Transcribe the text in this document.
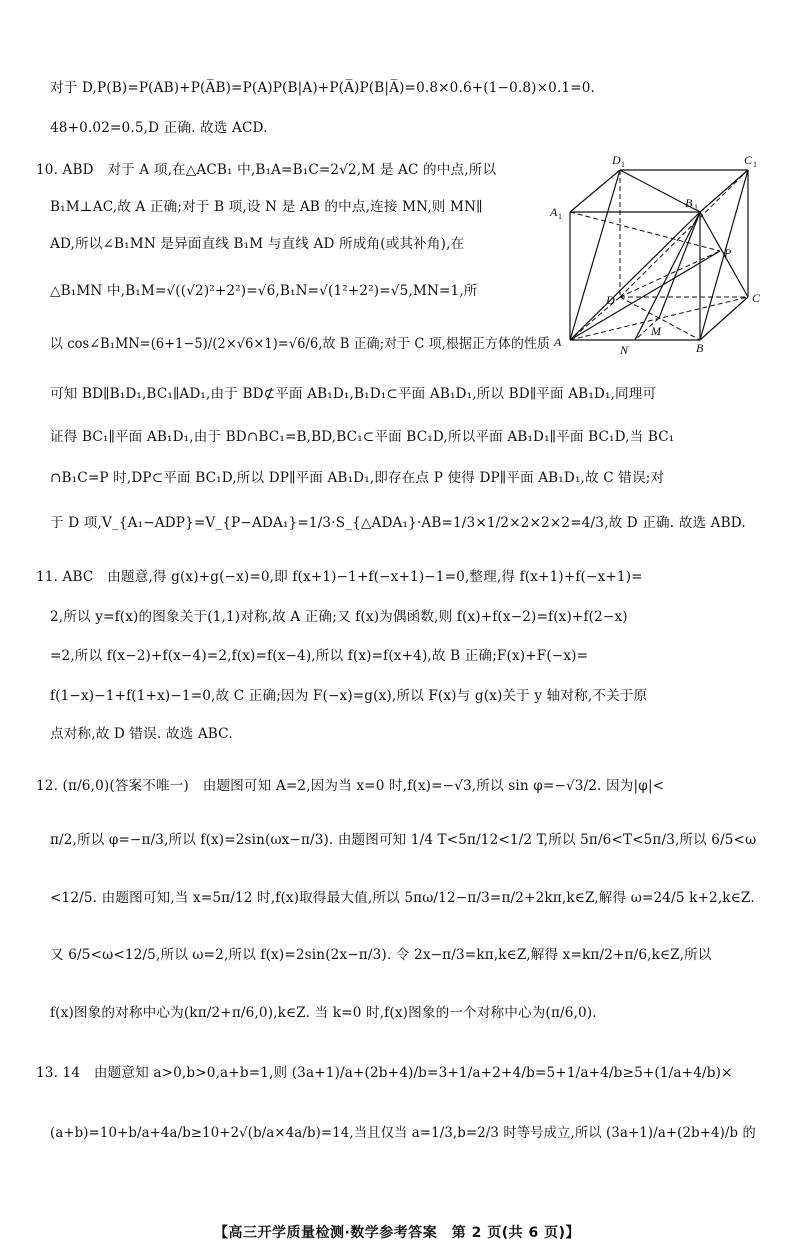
对于 D,P(B)=P(AB)+P(A̅B)=P(A)P(B|A)+P(A̅)P(B|A̅)=0.8×0.6+(1−0.8)×0.1=0.
48+0.02=0.5,D 正确. 故选 ACD.
10. ABD　对于 A 项,在△ACB₁ 中,B₁A=B₁C=2√2,M 是 AC 的中点,所以
B₁M⊥AC,故 A 正确;对于 B 项,设 N 是 AB 的中点,连接 MN,则 MN∥
AD,所以∠B₁MN 是异面直线 B₁M 与直线 AD 所成角(或其补角),在
△B₁MN 中,B₁M=√((√2)²+2²)=√6,B₁N=√(1²+2²)=√5,MN=1,所
以 cos∠B₁MN=(6+1−5)/(2×√6×1)=√6/6,故 B 正确;对于 C 项,根据正方体的性质
可知 BD∥B₁D₁,BC₁∥AD₁,由于 BD⊄平面 AB₁D₁,B₁D₁⊂平面 AB₁D₁,所以 BD∥平面 AB₁D₁,同理可
证得 BC₁∥平面 AB₁D₁,由于 BD∩BC₁=B,BD,BC₁⊂平面 BC₁D,所以平面 AB₁D₁∥平面 BC₁D,当 BC₁
∩B₁C=P 时,DP⊂平面 BC₁D,所以 DP∥平面 AB₁D₁,即存在点 P 使得 DP∥平面 AB₁D₁,故 C 错误;对
于 D 项,V_{A₁−ADP}=V_{P−ADA₁}=1/3·S_{△ADA₁}·AB=1/3×1/2×2×2×2=4/3,故 D 正确. 故选 ABD.
11. ABC　由题意,得 g(x)+g(−x)=0,即 f(x+1)−1+f(−x+1)−1=0,整理,得 f(x+1)+f(−x+1)=
2,所以 y=f(x)的图象关于(1,1)对称,故 A 正确;又 f(x)为偶函数,则 f(x)+f(x−2)=f(x)+f(2−x)
=2,所以 f(x−2)+f(x−4)=2,f(x)=f(x−4),所以 f(x)=f(x+4),故 B 正确;F(x)+F(−x)=
f(1−x)−1+f(1+x)−1=0,故 C 正确;因为 F(−x)=g(x),所以 F(x)与 g(x)关于 y 轴对称,不关于原
点对称,故 D 错误. 故选 ABC.
12. (π/6,0)(答案不唯一)　由题图可知 A=2,因为当 x=0 时,f(x)=−√3,所以 sin φ=−√3/2. 因为|φ|<
π/2,所以 φ=−π/3,所以 f(x)=2sin(ωx−π/3). 由题图可知 1/4 T<5π/12<1/2 T,所以 5π/6<T<5π/3,所以 6/5<ω
<12/5. 由题图可知,当 x=5π/12 时,f(x)取得最大值,所以 5πω/12−π/3=π/2+2kπ,k∈Z,解得 ω=24/5 k+2,k∈Z.
又 6/5<ω<12/5,所以 ω=2,所以 f(x)=2sin(2x−π/3). 令 2x−π/3=kπ,k∈Z,解得 x=kπ/2+π/6,k∈Z,所以
f(x)图象的对称中心为(kπ/2+π/6,0),k∈Z. 当 k=0 时,f(x)图象的一个对称中心为(π/6,0).
13. 14　由题意知 a>0,b>0,a+b=1,则 (3a+1)/a+(2b+4)/b=3+1/a+2+4/b=5+1/a+4/b≥5+(1/a+4/b)×
(a+b)=10+b/a+4a/b≥10+2√(b/a×4a/b)=14,当且仅当 a=1/3,b=2/3 时等号成立,所以 (3a+1)/a+(2b+4)/b 的
D 1	C 1
A 1
B 1
P
D	C
A	B
M
N
【高三开学质量检测·数学参考答案　第 2 页(共 6 页)】
